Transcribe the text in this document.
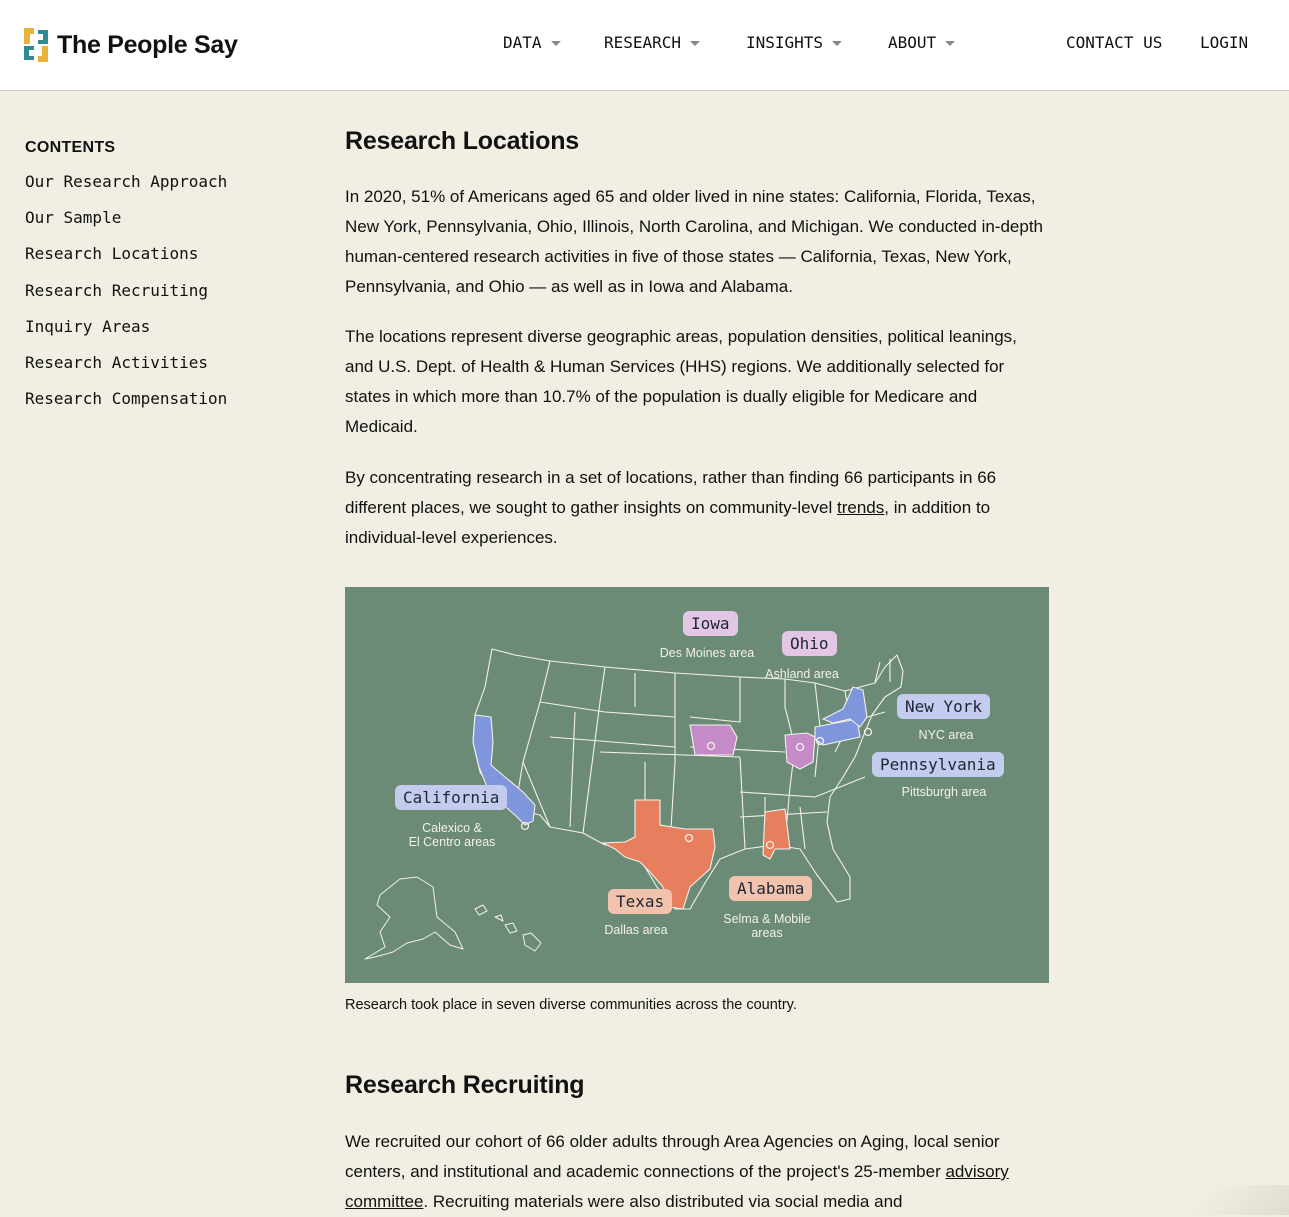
The People Say	DATA	RESEARCH	INSIGHTS	ABOUT	CONTACT US LOGIN
CONTENTS
Our Research Approach
Our Sample
Research Locations
Research Recruiting
Inquiry Areas
Research Activities
Research Compensation
Research Locations

In 2020, 51% of Americans aged 65 and older lived in nine states: California, Florida, Texas, New York, Pennsylvania, Ohio, Illinois, North Carolina, and Michigan. We conducted in-depth human-centered research activities in five of those states — California, Texas, New York, Pennsylvania, and Ohio — as well as in Iowa and Alabama.

The locations represent diverse geographic areas, population densities, political leanings, and U.S. Dept. of Health & Human Services (HHS) regions. We additionally selected for states in which more than 10.7% of the population is dually eligible for Medicare and Medicaid.

By concentrating research in a set of locations, rather than finding 66 participants in 66 different places, we sought to gather insights on community-level trends, in addition to individual-level experiences.

Iowa
Des Moines area	Ohio
Ashland area
New York
NYC area
Pennsylvania
Pittsburgh area
California
Calexico &
El Centro areas
Texas
Dallas area
Alabama
Selma & Mobile
areas
Research took place in seven diverse communities across the country.
Research Recruiting

We recruited our cohort of 66 older adults through Area Agencies on Aging, local senior centers, and institutional and academic connections of the project's 25-member advisory committee. Recruiting materials were also distributed via social media and
